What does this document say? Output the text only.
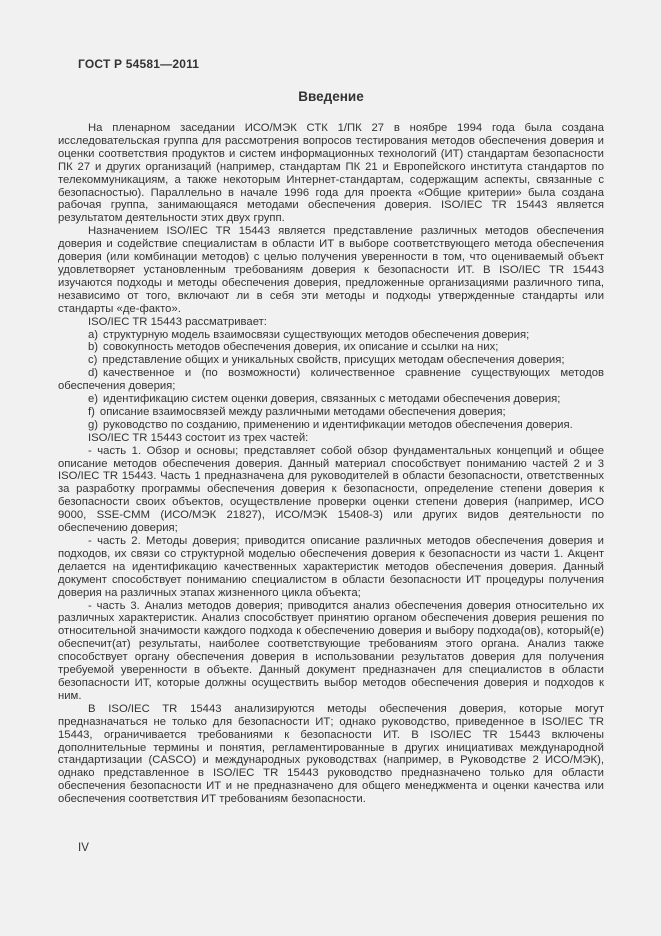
ГОСТ Р 54581—2011
Введение

На пленарном заседании ИСО/МЭК СТК 1/ПК 27 в ноябре 1994 года была создана исследовательская группа для рассмотрения вопросов тестирования методов обеспечения доверия и оценки соответствия продуктов и систем информационных технологий (ИТ) стандартам безопасности ПК 27 и других организаций (например, стандартам ПК 21 и Европейского института стандартов по телекоммуникациям, а также некоторым Интернет-стандартам, содержащим аспекты, связанные с безопасностью). Параллельно в начале 1996 года для проекта «Общие критерии» была создана рабочая группа, занимающаяся методами обеспечения доверия. ISO/IEC TR 15443 является результатом деятельности этих двух групп.

Назначением ISO/IEC TR 15443 является представление различных методов обеспечения доверия и содействие специалистам в области ИТ в выборе соответствующего метода обеспечения доверия (или комбинации методов) с целью получения уверенности в том, что оцениваемый объект удовлетворяет установленным требованиям доверия к безопасности ИТ. В ISO/IEC TR 15443 изучаются подходы и методы обеспечения доверия, предложенные организациями различного типа, независимо от того, включают ли в себя эти методы и подходы утвержденные стандарты или стандарты «де-факто».

ISO/IEC TR 15443 рассматривает:

a) структурную модель взаимосвязи существующих методов обеспечения доверия;

b) совокупность методов обеспечения доверия, их описание и ссылки на них;

c) представление общих и уникальных свойств, присущих методам обеспечения доверия;

d) качественное и (по возможности) количественное сравнение существующих методов обеспечения доверия;

e) идентификацию систем оценки доверия, связанных с методами обеспечения доверия;

f) описание взаимосвязей между различными методами обеспечения доверия;

g) руководство по созданию, применению и идентификации методов обеспечения доверия.

ISO/IEC TR 15443 состоит из трех частей:

- часть 1. Обзор и основы; представляет собой обзор фундаментальных концепций и общее описание методов обеспечения доверия. Данный материал способствует пониманию частей 2 и 3 ISO/IEC TR 15443. Часть 1 предназначена для руководителей в области безопасности, ответственных за разработку программы обеспечения доверия к безопасности, определение степени доверия к безопасности своих объектов, осуществление проверки оценки степени доверия (например, ИСО 9000, SSE-CMM (ИСО/МЭК 21827), ИСО/МЭК 15408-3) или других видов деятельности по обеспечению доверия;

- часть 2. Методы доверия; приводится описание различных методов обеспечения доверия и подходов, их связи со структурной моделью обеспечения доверия к безопасности из части 1. Акцент делается на идентификацию качественных характеристик методов обеспечения доверия. Данный документ способствует пониманию специалистом в области безопасности ИТ процедуры получения доверия на различных этапах жизненного цикла объекта;

- часть 3. Анализ методов доверия; приводится анализ обеспечения доверия относительно их различных характеристик. Анализ способствует принятию органом обеспечения доверия решения по относительной значимости каждого подхода к обеспечению доверия и выбору подхода(ов), который(е) обеспечит(ат) результаты, наиболее соответствующие требованиям этого органа. Анализ также способствует органу обеспечения доверия в использовании результатов доверия для получения требуемой уверенности в объекте. Данный документ предназначен для специалистов в области безопасности ИТ, которые должны осуществить выбор методов обеспечения доверия и подходов к ним.

В ISO/IEC TR 15443 анализируются методы обеспечения доверия, которые могут предназначаться не только для безопасности ИТ; однако руководство, приведенное в ISO/IEC TR 15443, ограничивается требованиями к безопасности ИТ. В ISO/IEC TR 15443 включены дополнительные термины и понятия, регламентированные в других инициативах международной стандартизации (CASCO) и международных руководствах (например, в Руководстве 2 ИСО/МЭК), однако представленное в ISO/IEC TR 15443 руководство предназначено только для области обеспечения безопасности ИТ и не предназначено для общего менеджмента и оценки качества или обеспечения соответствия ИТ требованиям безопасности.

IV
